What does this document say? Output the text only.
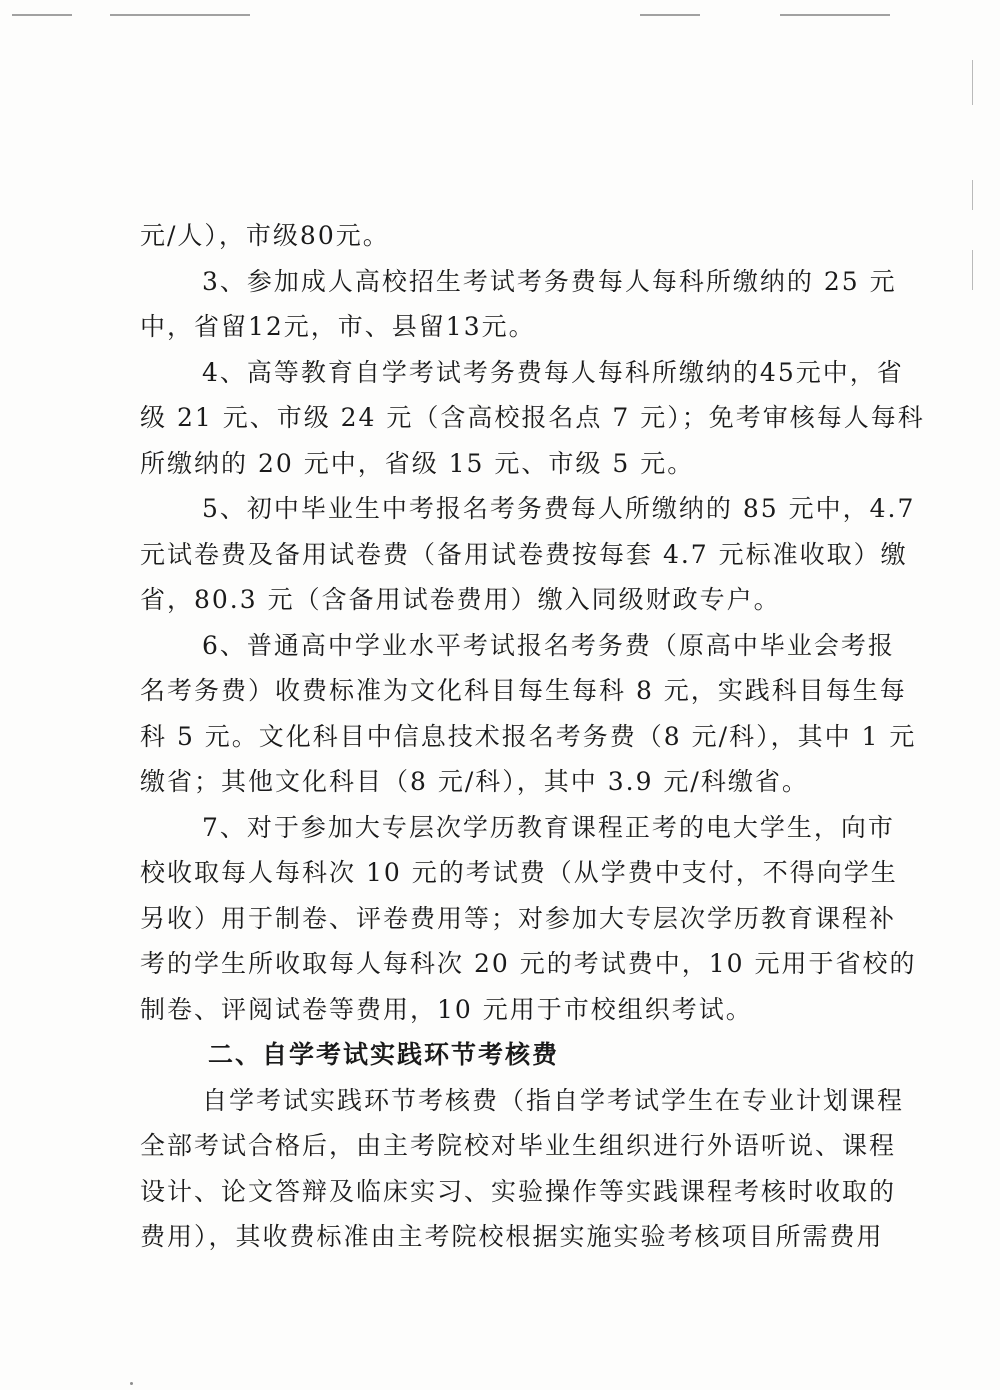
元/人），市级80元。
3、参加成人高校招生考试考务费每人每科所缴纳的 25 元
中，省留12元，市、县留13元。
4、高等教育自学考试考务费每人每科所缴纳的45元中，省
级 21 元、市级 24 元（含高校报名点 7 元）；免考审核每人每科
所缴纳的 20 元中，省级 15 元、市级 5 元。
5、初中毕业生中考报名考务费每人所缴纳的 85 元中，4.7
元试卷费及备用试卷费（备用试卷费按每套 4.7 元标准收取）缴
省，80.3 元（含备用试卷费用）缴入同级财政专户。
6、普通高中学业水平考试报名考务费（原高中毕业会考报
名考务费）收费标准为文化科目每生每科 8 元，实践科目每生每
科 5 元。文化科目中信息技术报名考务费（8 元/科），其中 1 元
缴省；其他文化科目（8 元/科），其中 3.9 元/科缴省。
7、对于参加大专层次学历教育课程正考的电大学生，向市
校收取每人每科次 10 元的考试费（从学费中支付，不得向学生
另收）用于制卷、评卷费用等；对参加大专层次学历教育课程补
考的学生所收取每人每科次 20 元的考试费中，10 元用于省校的
制卷、评阅试卷等费用，10 元用于市校组织考试。
二、自学考试实践环节考核费
自学考试实践环节考核费（指自学考试学生在专业计划课程
全部考试合格后，由主考院校对毕业生组织进行外语听说、课程
设计、论文答辩及临床实习、实验操作等实践课程考核时收取的
费用），其收费标准由主考院校根据实施实验考核项目所需费用
